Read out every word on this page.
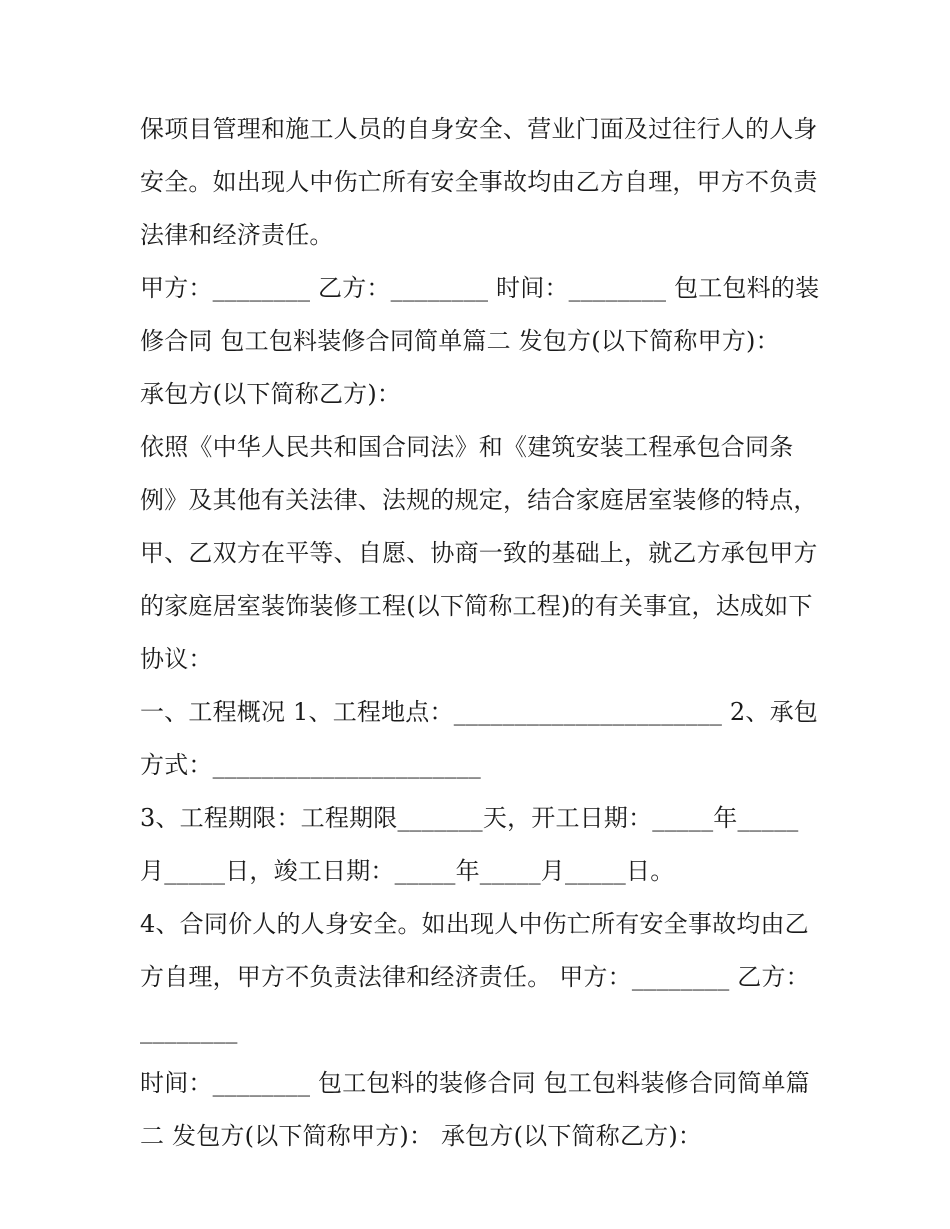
保项目管理和施工人员的自身安全、营业门面及过往行人的人身安全。如出现人中伤亡所有安全事故均由乙方自理，甲方不负责法律和经济责任。

甲方：________ 乙方：________ 时间：________ 包工包料的装修合同 包工包料装修合同简单篇二 发包方(以下简称甲方)：

承包方(以下简称乙方)：

依照《中华人民共和国合同法》和《建筑安装工程承包合同条例》及其他有关法律、法规的规定，结合家庭居室装修的特点，甲、乙双方在平等、自愿、协商一致的基础上，就乙方承包甲方的家庭居室装饰装修工程(以下简称工程)的有关事宜，达成如下协议：

一、工程概况 1、工程地点：______________________ 2、承包方式：______________________

3、工程期限：工程期限_______天，开工日期：_____年_____月_____日，竣工日期：_____年_____月_____日。

4、合同价人的人身安全。如出现人中伤亡所有安全事故均由乙方自理，甲方不负责法律和经济责任。 甲方：________ 乙方：________

时间：________ 包工包料的装修合同 包工包料装修合同简单篇二 发包方(以下简称甲方)： 承包方(以下简称乙方)：
